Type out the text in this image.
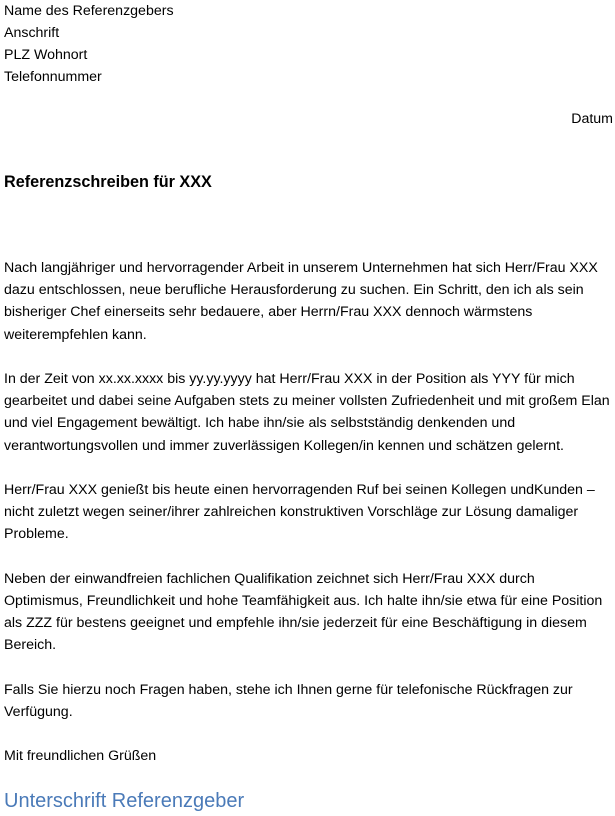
Name des Referenzgebers
Anschrift
PLZ Wohnort
Telefonnummer
Datum
Referenzschreiben für XXX

Nach langjähriger und hervorragender Arbeit in unserem Unternehmen hat sich Herr/Frau XXX dazu entschlossen, neue berufliche Herausforderung zu suchen. Ein Schritt, den ich als sein bisheriger Chef einerseits sehr bedauere, aber Herrn/Frau XXX dennoch wärmstens weiterempfehlen kann.

In der Zeit von xx.xx.xxxx bis yy.yy.yyyy hat Herr/Frau XXX in der Position als YYY für mich gearbeitet und dabei seine Aufgaben stets zu meiner vollsten Zufriedenheit und mit großem Elan und viel Engagement bewältigt. Ich habe ihn/sie als selbstständig denkenden und verantwortungsvollen und immer zuverlässigen Kollegen/in kennen und schätzen gelernt.

Herr/Frau XXX genießt bis heute einen hervorragenden Ruf bei seinen Kollegen undKunden – nicht zuletzt wegen seiner/ihrer zahlreichen konstruktiven Vorschläge zur Lösung damaliger Probleme.

Neben der einwandfreien fachlichen Qualifikation zeichnet sich Herr/Frau XXX durch Optimismus, Freundlichkeit und hohe Teamfähigkeit aus. Ich halte ihn/sie etwa für eine Position als ZZZ für bestens geeignet und empfehle ihn/sie jederzeit für eine Beschäftigung in diesem Bereich.

Falls Sie hierzu noch Fragen haben, stehe ich Ihnen gerne für telefonische Rückfragen zur Verfügung.

Mit freundlichen Grüßen

Unterschrift Referenzgeber
